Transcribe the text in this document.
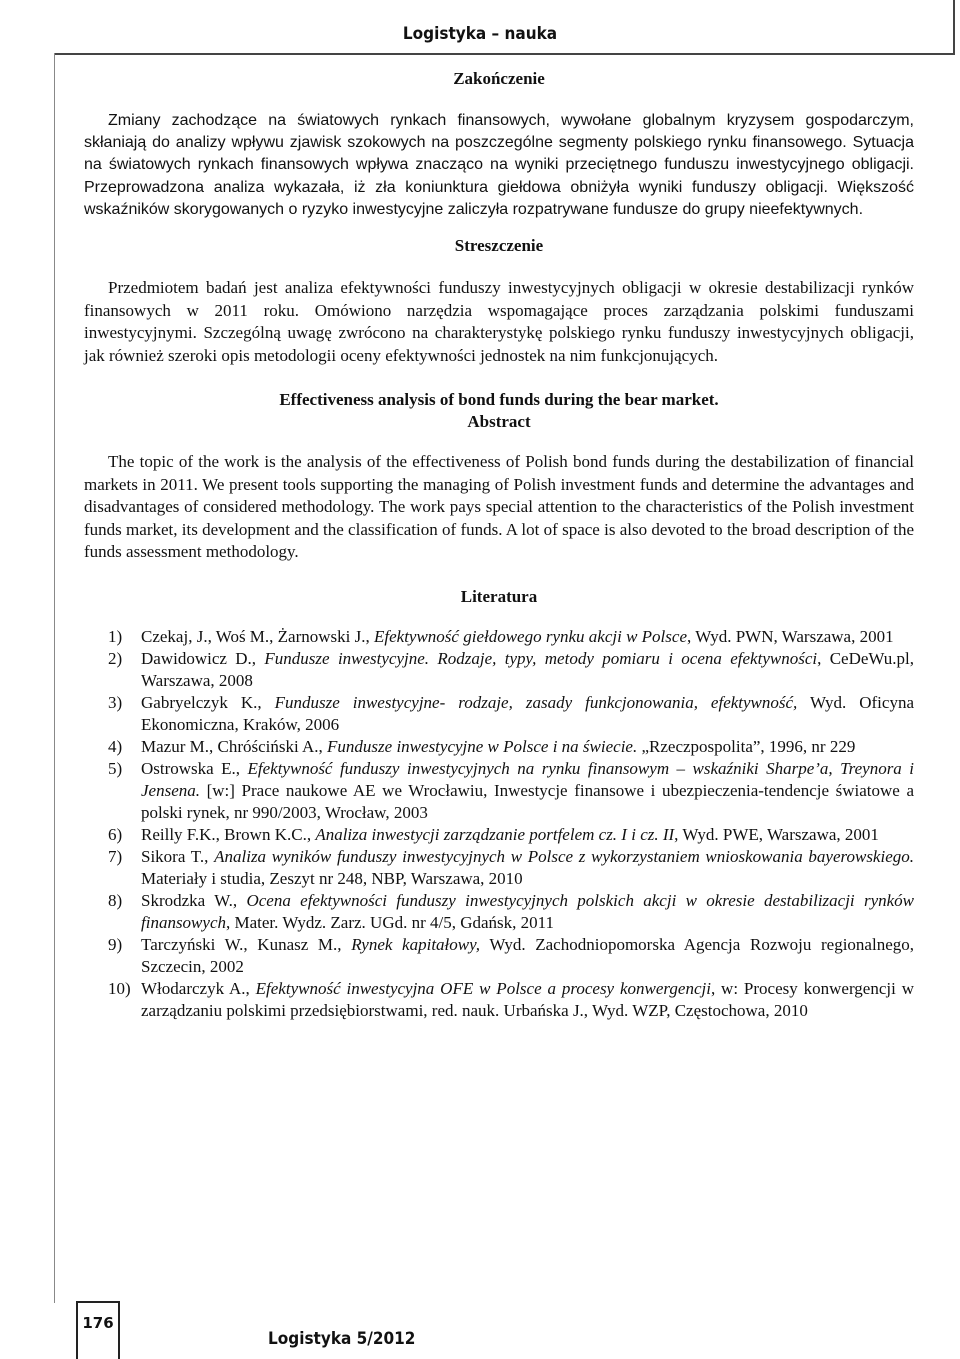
Logistyka – nauka
Zakończenie

Zmiany zachodzące na światowych rynkach finansowych, wywołane globalnym kryzysem gospodarczym, skłaniają do analizy wpływu zjawisk szokowych na poszczególne segmenty polskiego rynku finansowego. Sytuacja na światowych rynkach finansowych wpływa znacząco na wyniki przeciętnego funduszu inwestycyjnego obligacji. Przeprowadzona analiza wykazała, iż zła koniunktura giełdowa obniżyła wyniki funduszy obligacji. Większość wskaźników skorygowanych o ryzyko inwestycyjne zaliczyła rozpatrywane fundusze do grupy nieefektywnych.

Streszczenie

Przedmiotem badań jest analiza efektywności funduszy inwestycyjnych obligacji w okresie destabilizacji rynków finansowych w 2011 roku. Omówiono narzędzia wspomagające proces zarządzania polskimi funduszami inwestycyjnymi. Szczególną uwagę zwrócono na charakterystykę polskiego rynku funduszy inwestycyjnych obligacji, jak również szeroki opis metodologii oceny efektywności jednostek na nim funkcjonujących.

Effectiveness analysis of bond funds during the bear market.
Abstract

The topic of the work is the analysis of the effectiveness of Polish bond funds during the destabilization of financial markets in 2011. We present tools supporting the managing of Polish investment funds and determine the advantages and disadvantages of considered methodology. The work pays special attention to the characteristics of the Polish investment funds market, its development and the classification of funds. A lot of space is also devoted to the broad description of the funds assessment methodology.

Literatura
1) Czekaj, J., Woś M., Żarnowski J., Efektywność giełdowego rynku akcji w Polsce, Wyd. PWN, Warszawa, 2001
2) Dawidowicz D., Fundusze inwestycyjne. Rodzaje, typy, metody pomiaru i ocena efektywności, CeDeWu.pl, Warszawa, 2008
3) Gabryelczyk K., Fundusze inwestycyjne- rodzaje, zasady funkcjonowania, efektywność, Wyd. Oficyna Ekonomiczna, Kraków, 2006
4) Mazur M., Chróściński A., Fundusze inwestycyjne w Polsce i na świecie. „Rzeczpospolita”, 1996, nr 229
5) Ostrowska E., Efektywność funduszy inwestycyjnych na rynku finansowym – wskaźniki Sharpe’a, Treynora i Jensena. [w:] Prace naukowe AE we Wrocławiu, Inwestycje finansowe i ubezpieczenia-tendencje światowe a polski rynek, nr 990/2003, Wrocław, 2003
6) Reilly F.K., Brown K.C., Analiza inwestycji zarządzanie portfelem cz. I i cz. II, Wyd. PWE, Warszawa, 2001
7) Sikora T., Analiza wyników funduszy inwestycyjnych w Polsce z wykorzystaniem wnioskowania bayerowskiego. Materiały i studia, Zeszyt nr 248, NBP, Warszawa, 2010
8) Skrodzka W., Ocena efektywności funduszy inwestycyjnych polskich akcji w okresie destabilizacji rynków finansowych, Mater. Wydz. Zarz. UGd. nr 4/5, Gdańsk, 2011
9) Tarczyński W., Kunasz M., Rynek kapitałowy, Wyd. Zachodniopomorska Agencja Rozwoju regionalnego, Szczecin, 2002
10) Włodarczyk A., Efektywność inwestycyjna OFE w Polsce a procesy konwergencji, w: Procesy konwergencji w zarządzaniu polskimi przedsiębiorstwami, red. nauk. Urbańska J., Wyd. WZP, Częstochowa, 2010
176
Logistyka 5/2012
